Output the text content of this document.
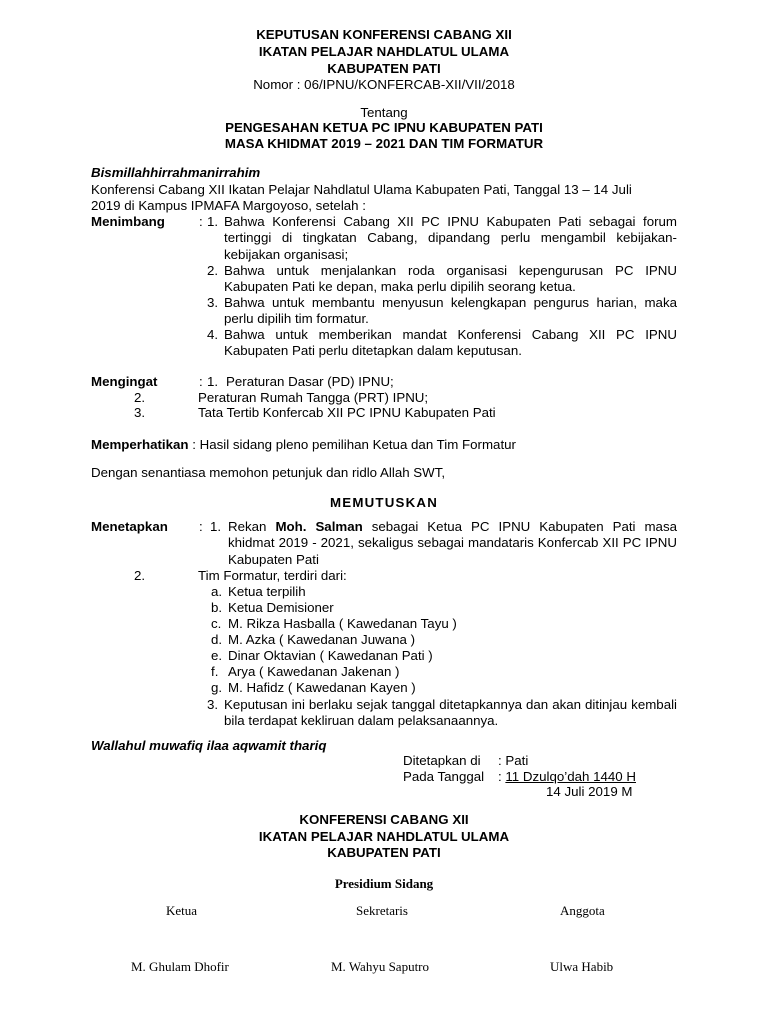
KEPUTUSAN KONFERENSI CABANG XII
IKATAN PELAJAR NAHDLATUL ULAMA
KABUPATEN PATI
Nomor : 06/IPNU/KONFERCAB-XII/VII/2018
Tentang
PENGESAHAN KETUA PC IPNU KABUPATEN PATI
MASA KHIDMAT 2019 – 2021 DAN TIM FORMATUR
Bismillahhirrahmanirrahim
Konferensi Cabang XII Ikatan Pelajar Nahdlatul Ulama Kabupaten Pati, Tanggal 13 – 14 Juli
2019 di Kampus IPMAFA Margoyoso, setelah :
Menimbang	: 1. Bahwa Konferensi Cabang XII PC IPNU Kabupaten Pati sebagai forum tertinggi di tingkatan Cabang, dipandang perlu mengambil kebijakan-kebijakan organisasi;
2. Bahwa untuk menjalankan roda organisasi kepengurusan PC IPNU Kabupaten Pati ke depan, maka perlu dipilih seorang ketua.
3. Bahwa untuk membantu menyusun kelengkapan pengurus harian, maka perlu dipilih tim formatur.
4. Bahwa untuk memberikan mandat Konferensi Cabang XII PC IPNU Kabupaten Pati perlu ditetapkan dalam keputusan.
Mengingat	: 1. Peraturan Dasar (PD) IPNU;
2.	Peraturan Rumah Tangga (PRT) IPNU;
3.	Tata Tertib Konfercab XII PC IPNU Kabupaten Pati
Memperhatikan : Hasil sidang pleno pemilihan Ketua dan Tim Formatur
Dengan senantiasa memohon petunjuk dan ridlo Allah SWT,
MEMUTUSKAN
Menetapkan : 1. Rekan Moh. Salman sebagai Ketua PC IPNU Kabupaten Pati masa khidmat 2019 - 2021, sekaligus sebagai mandataris Konfercab XII PC IPNU Kabupaten Pati
2.	Tim Formatur, terdiri dari:
a. Ketua terpilih
b. Ketua Demisioner
c. M. Rikza Hasballa ( Kawedanan Tayu )
d. M. Azka ( Kawedanan Juwana )
e. Dinar Oktavian ( Kawedanan Pati )
f. Arya ( Kawedanan Jakenan )
g. M. Hafidz ( Kawedanan Kayen )
3. Keputusan ini berlaku sejak tanggal ditetapkannya dan akan ditinjau kembali bila terdapat kekliruan dalam pelaksanaannya.
Wallahul muwafiq ilaa aqwamit thariq
Ditetapkan di : Pati
Pada Tanggal : 11 Dzulqo’dah 1440 H
14 Juli 2019 M
KONFERENSI CABANG XII
IKATAN PELAJAR NAHDLATUL ULAMA
KABUPATEN PATI
Presidium Sidang
Ketua	Sekretaris	Anggota
M. Ghulam Dhofir	M. Wahyu Saputro	Ulwa Habib
